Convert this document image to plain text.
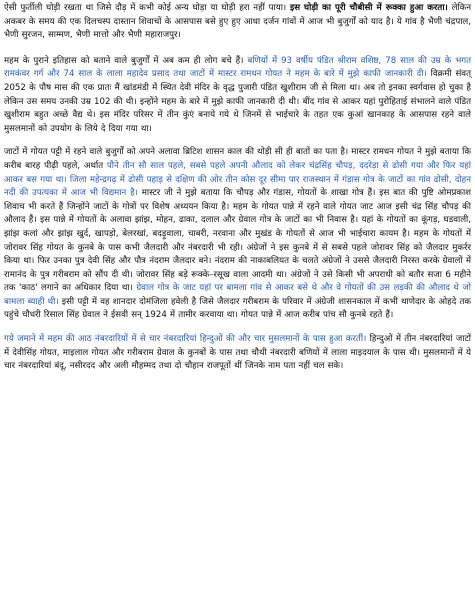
ऐसी फुर्तीली घोड़ी रखता था जिसे दौड़ में कभी कोई अन्य घोड़ा या घोड़ी हरा नहीं पाया। इस घोड़ी का पूरी चौबीसी में रूक्का हुआ करता। लेकिन अकबर के समय की एक दिलचस्प दास्तान शिवाचों के आसपास बसे हुए हुए आधा दर्जन गांवों में आज भी बुजुर्गों को याद है। ये गांव है भैणी चंद्रपाल, भैणी सुरजन, साम्मण, भैणी मात्तो और भैणी महाराजपुर।

महम के पुराने इतिहास को बताने वाले बुजुर्गों में अब कम ही लोग बचे हैं। बणियों में 93 वर्षीय पंडित श्रीराम वशिष्ठ, 78 साल की उम्र के भगत रामकंवर गर्ग और 74 साल के लाला महादेव प्रसाद तथा जाटों में मास्टर रामधन गोयत ने महम के बारे में मुझे काफी जानकारी दी। विक्रमी संवत् 2052 के पौष मास की एक प्रातः मैं खांडमंडी में स्थित देवी मंदिर के वृद्ध पुजारी पंडित खुशीराम जी से मिला था। अब तो इनका स्वर्गवास हो चुका है लेकिन उस समय उनकी उम्र 102 की थी। इन्होंने महम के बारे में मुझे काफी जानकारी दी थी। बींद गांव से आकर यहां पुरोहिताई संभालने वाले पंडित खुशीराम बहुत अच्छे वैद्य थे। इस मंदिर परिसर में तीन कुंएं बनाये गये थे जिनमें से भाईचारे के तहत एक कुआं खानकाह के आसपास रहने वाले मुसलमानों को उपयोग के लिये दे दिया गया था।

जाटों में गोयत पट्टी में रहने वाले बुजुर्गों को अपने अलावा ब्रिटिश शासन काल की थोड़ी सी ही बातों का पता है। मास्टर रामधन गोयत ने मुझे बताया कि करीब बारह पीढ़ी पहले, अर्थात पौने तीन सौ साल पहले, सबसे पहले अपनी औलाद को लेकर चंद्रसिंह चौपड़, ददरेड़ा से ढोसी गया और फिर यहां आकर बस गया था। जिला महेन्द्रगढ़ में ढोसी पहाड़ से दक्षिण की ओर तीन कोस दूर सीमा पार राजस्थान में गंडास गोत्र के जाटों का गांव ढोसी, दोहन नदी की उपत्यका में आज भी विद्यमान है। मास्टर जी ने मुझे बताया कि चौपड़ और गंडास, गोयतों के शाखा गोत्र हैं। इस बात की पुष्टि ओमप्रकाश शिवाच भी करते हैं जिन्होंने जाटों के गोत्रों पर विशेष अध्ययन किया है। महम के गोयत पान्ने में रहने वाले गोयत जाट आज इसी चंद्र सिंह चौपड़ की औलाद हैं। इस पान्ने में गोयतों के अलावा झांझ, मोहन, ढाका, दलाल और ग्रेवाल गोत्र के जाटों का भी निवास है। यहां के गोयतों का कूंगड़, घडवाली, झांझ कलां और झांझ खुर्द, खापड़ो, बेलरखां, बदड़ूवाला, चाबरी, नरवाना और मुखंड के गोयतों से आज भी भाईचारा कायम है। महम के गोयतों में जोरावर सिंह गोयत के कुनबे के पास कभी जैलदारी और नंबरदारी भी रही। अंग्रेजों ने इस कुनबे में से सबसे पहले जोरावर सिंह को जैलदार मुकर्रर किया था। फिर उनका पुत्र देवी सिंह और पौत्र नंदराम जैलदार बने। नंदराम की नाकाबलियत के चलते अंग्रेजों ने उससे जैलदारी निरस्त करके ग्रेवालों में रामानंद के पुत्र गरीबराम को सौंप दी थी। जोरावर सिंह बड़े रूक्के–रसूख वाला आदमी था। अंग्रेजों ने उसे किसी भी अपराधी को बतौर सजा 6 महीने तक 'काठ' लगाने का अधिकार दिया था। ग्रेवाल गोत्र के जाट यहां पर बामला गांव से आकर बसे थे और वे गोयतों की उस लड़की की औलाद थे जो बामला ब्याही थी। इसी पट्टी में वह शानदार दोमंजिला हवेली है जिसे जैलदार गरीबराम के परिवार में अंग्रेजी शासनकाल में कभी थाणेदार के ओहदे तक पहुंचे चौधरी रिसाल सिंह ग्रेवाल ने ईसवी सन् 1924 में तामीर करवाया था। गोयत पान्ने में आज करीब पांच सौ कुनबे रहते हैं।

गये जमाने में महम की आठ नंबरदारियों में से चार नंबरदारियां हिन्दुओं की और चार मुसलमानों के पास हुआ करतीं। हिन्दुओं में तीन नंबरदारियां जाटों में देवीसिंह गोयत, माइलाल गोयत और गरीबराम ग्रेवाल के कुनबों के पास तथा चौथी नंबरदारी बणियों में लाला माइदयाल के पास थी। मुसलमानों में ये चार नंबरदारियां बंदू, नसीरदद और अली मौहम्मद तथा दो चौहान राजपूतों थीं जिनके नाम पता नहीं चल सके।
